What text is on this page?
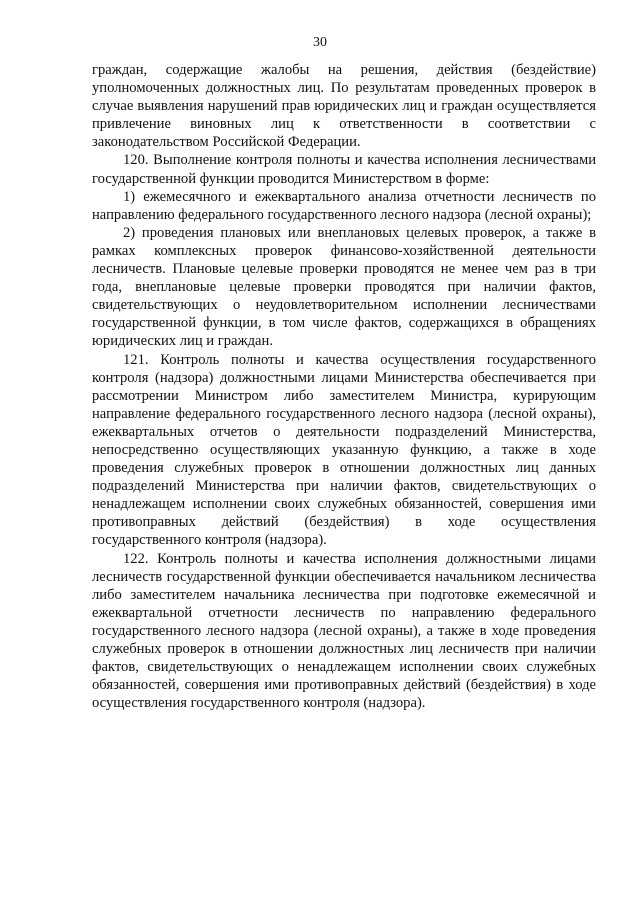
30

граждан, содержащие жалобы на решения, действия (бездействие) уполномоченных должностных лиц. По результатам проведенных проверок в случае выявления нарушений прав юридических лиц и граждан осуществляется привлечение виновных лиц к ответственности в соответствии с законодательством Российской Федерации.

120. Выполнение контроля полноты и качества исполнения лесничествами государственной функции проводится Министерством в форме:

1) ежемесячного и ежеквартального анализа отчетности лесничеств по направлению федерального государственного лесного надзора (лесной охраны);

2) проведения плановых или внеплановых целевых проверок, а также в рамках комплексных проверок финансово-хозяйственной деятельности лесничеств. Плановые целевые проверки проводятся не менее чем раз в три года, внеплановые целевые проверки проводятся при наличии фактов, свидетельствующих о неудовлетворительном исполнении лесничествами государственной функции, в том числе фактов, содержащихся в обращениях юридических лиц и граждан.

121. Контроль полноты и качества осуществления государственного контроля (надзора) должностными лицами Министерства обеспечивается при рассмотрении Министром либо заместителем Министра, курирующим направление федерального государственного лесного надзора (лесной охраны), ежеквартальных отчетов о деятельности подразделений Министерства, непосредственно осуществляющих указанную функцию, а также в ходе проведения служебных проверок в отношении должностных лиц данных подразделений Министерства при наличии фактов, свидетельствующих о ненадлежащем исполнении своих служебных обязанностей, совершения ими противоправных действий (бездействия) в ходе осуществления государственного контроля (надзора).

122. Контроль полноты и качества исполнения должностными лицами лесничеств государственной функции обеспечивается начальником лесничества либо заместителем начальника лесничества при подготовке ежемесячной и ежеквартальной отчетности лесничеств по направлению федерального государственного лесного надзора (лесной охраны), а также в ходе проведения служебных проверок в отношении должностных лиц лесничеств при наличии фактов, свидетельствующих о ненадлежащем исполнении своих служебных обязанностей, совершения ими противоправных действий (бездействия) в ходе осуществления государственного контроля (надзора).
